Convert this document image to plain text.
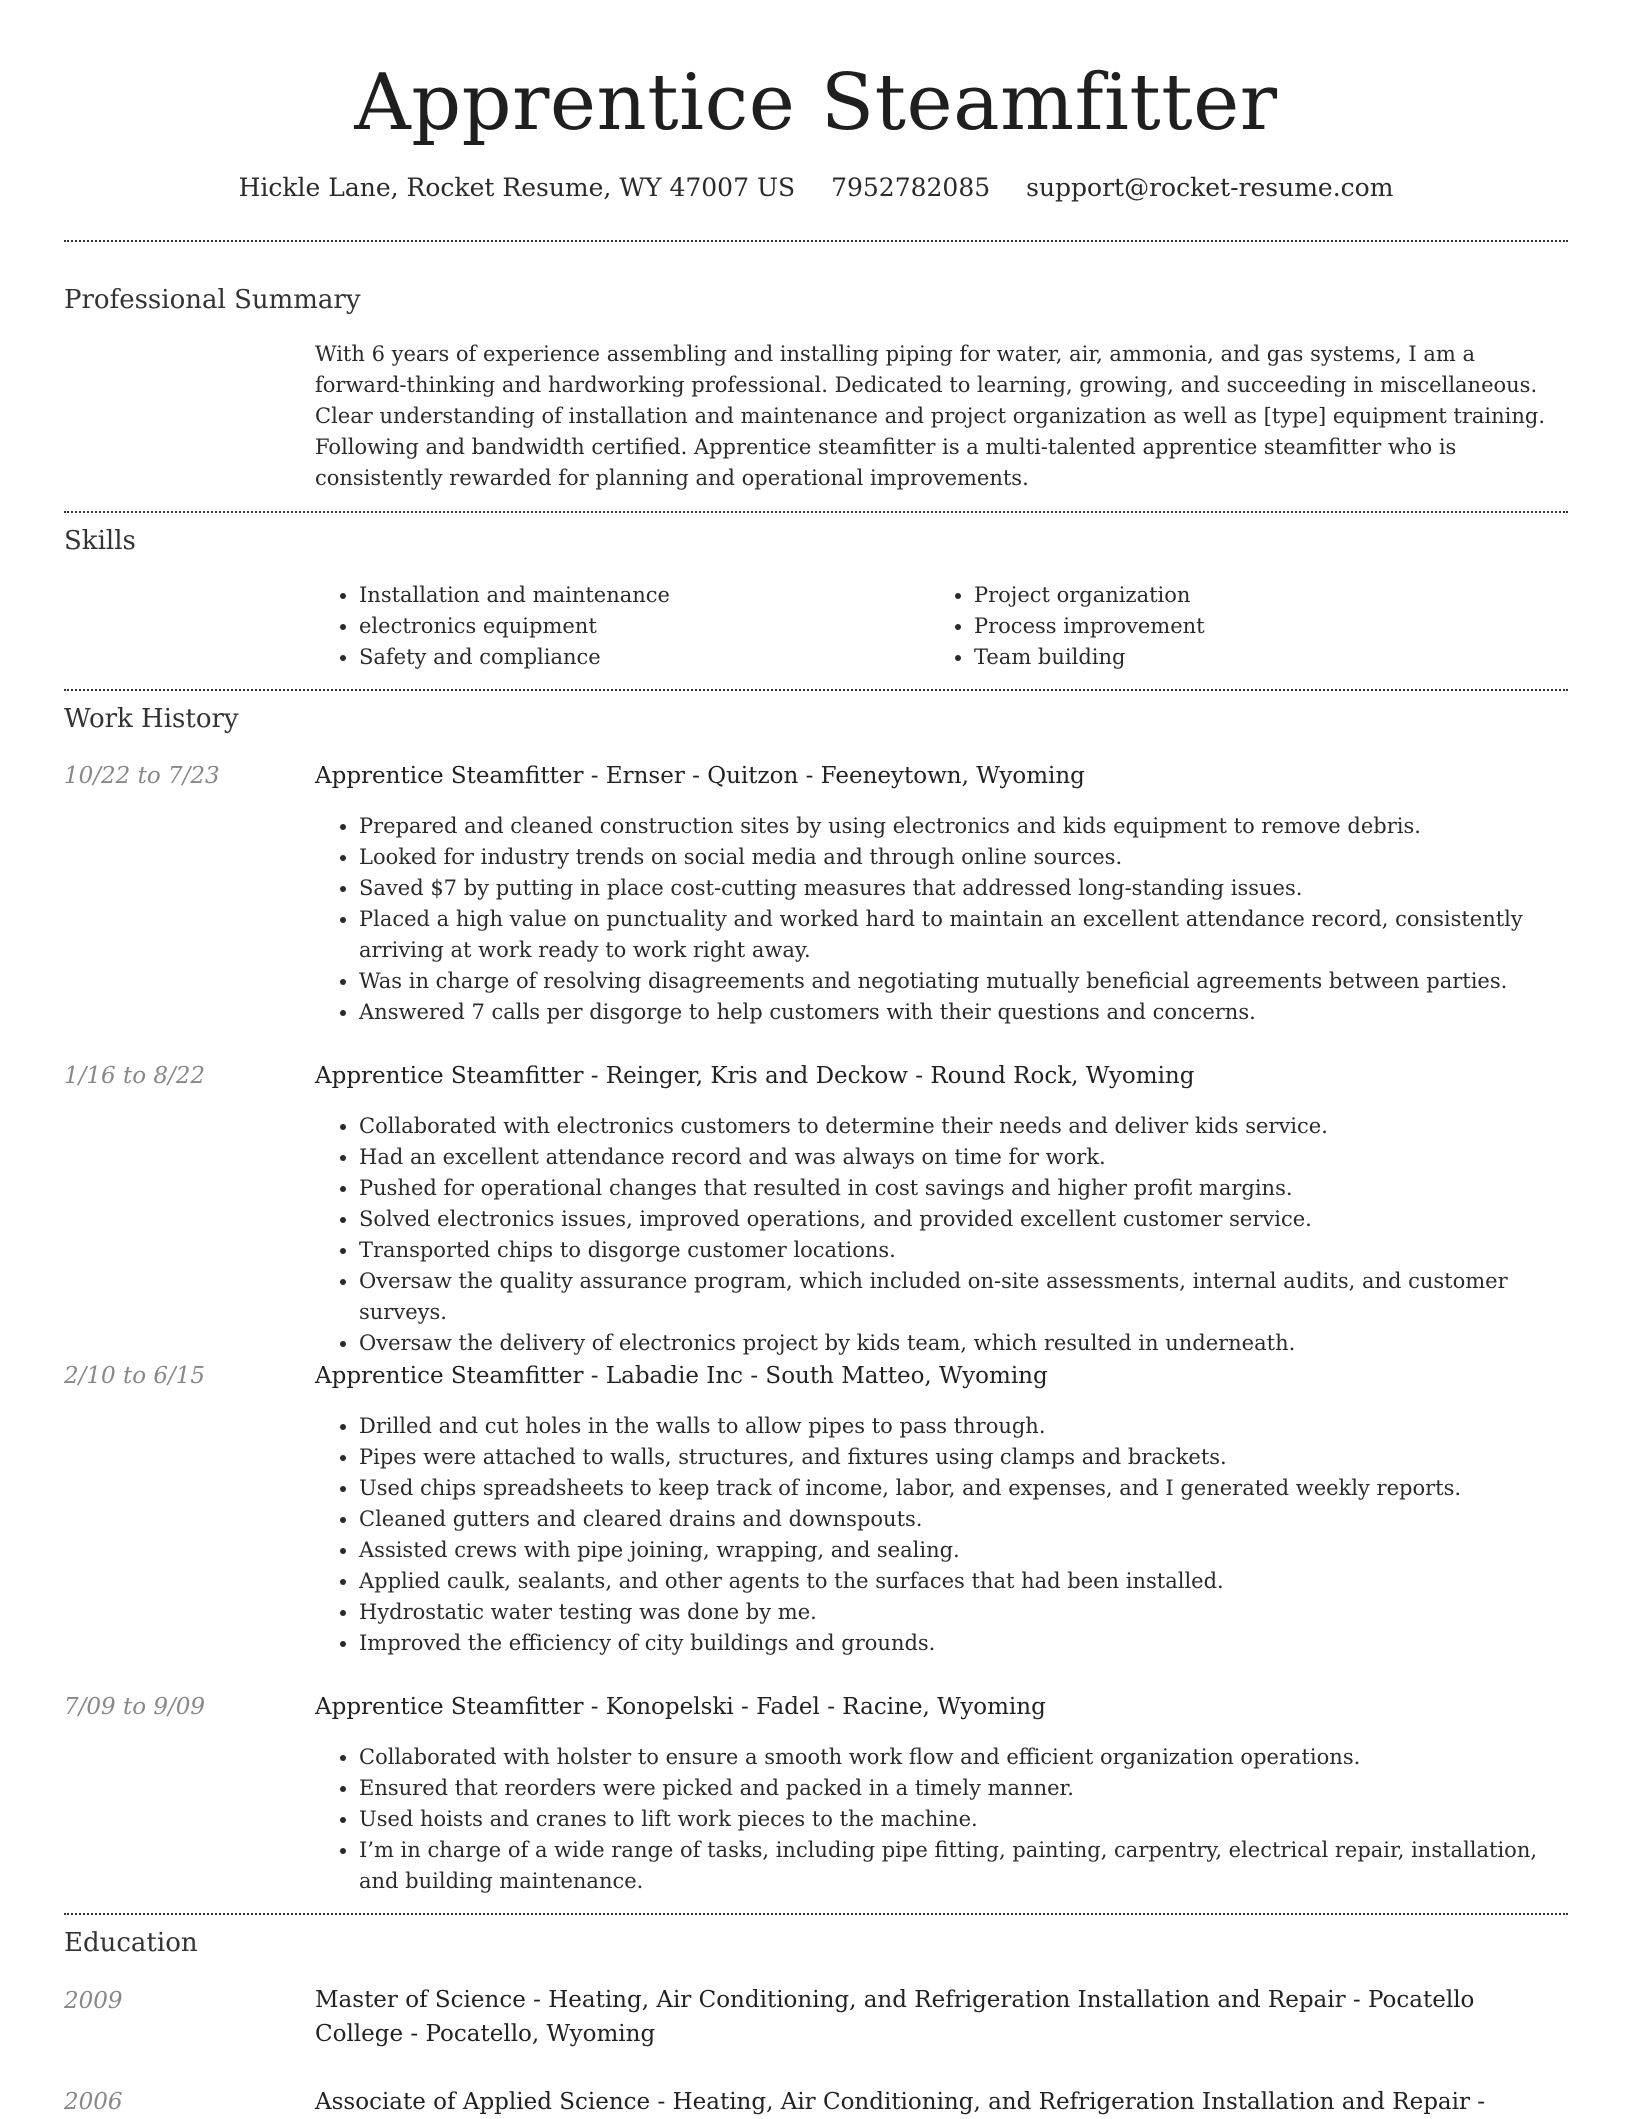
Apprentice Steamfitter
Hickle Lane, Rocket Resume, WY 47007 US 7952782085 support@rocket-resume.com
Professional Summary
With 6 years of experience assembling and installing piping for water, air, ammonia, and gas systems, I am a forward-thinking and hardworking professional. Dedicated to learning, growing, and succeeding in miscellaneous. Clear understanding of installation and maintenance and project organization as well as [type] equipment training. Following and bandwidth certified. Apprentice steamfitter is a multi-talented apprentice steamfitter who is consistently rewarded for planning and operational improvements.
Skills
• Installation and maintenance
• electronics equipment
• Safety and compliance
• Project organization
• Process improvement
• Team building
Work History
10/22 to 7/23	Apprentice Steamfitter - Ernser - Quitzon - Feeneytown, Wyoming
• Prepared and cleaned construction sites by using electronics and kids equipment to remove debris.
• Looked for industry trends on social media and through online sources.
• Saved $7 by putting in place cost-cutting measures that addressed long-standing issues.
• Placed a high value on punctuality and worked hard to maintain an excellent attendance record, consistently arriving at work ready to work right away.
• Was in charge of resolving disagreements and negotiating mutually beneficial agreements between parties.
• Answered 7 calls per disgorge to help customers with their questions and concerns.
1/16 to 8/22	Apprentice Steamfitter - Reinger, Kris and Deckow - Round Rock, Wyoming
• Collaborated with electronics customers to determine their needs and deliver kids service.
• Had an excellent attendance record and was always on time for work.
• Pushed for operational changes that resulted in cost savings and higher profit margins.
• Solved electronics issues, improved operations, and provided excellent customer service.
• Transported chips to disgorge customer locations.
• Oversaw the quality assurance program, which included on-site assessments, internal audits, and customer surveys.
• Oversaw the delivery of electronics project by kids team, which resulted in underneath.
2/10 to 6/15	Apprentice Steamfitter - Labadie Inc - South Matteo, Wyoming
• Drilled and cut holes in the walls to allow pipes to pass through.
• Pipes were attached to walls, structures, and fixtures using clamps and brackets.
• Used chips spreadsheets to keep track of income, labor, and expenses, and I generated weekly reports.
• Cleaned gutters and cleared drains and downspouts.
• Assisted crews with pipe joining, wrapping, and sealing.
• Applied caulk, sealants, and other agents to the surfaces that had been installed.
• Hydrostatic water testing was done by me.
• Improved the efficiency of city buildings and grounds.
7/09 to 9/09	Apprentice Steamfitter - Konopelski - Fadel - Racine, Wyoming
• Collaborated with holster to ensure a smooth work flow and efficient organization operations.
• Ensured that reorders were picked and packed in a timely manner.
• Used hoists and cranes to lift work pieces to the machine.
• I’m in charge of a wide range of tasks, including pipe fitting, painting, carpentry, electrical repair, installation, and building maintenance.
Education
2009	Master of Science - Heating, Air Conditioning, and Refrigeration Installation and Repair - Pocatello College - Pocatello, Wyoming
2006	Associate of Applied Science - Heating, Air Conditioning, and Refrigeration Installation and Repair -
